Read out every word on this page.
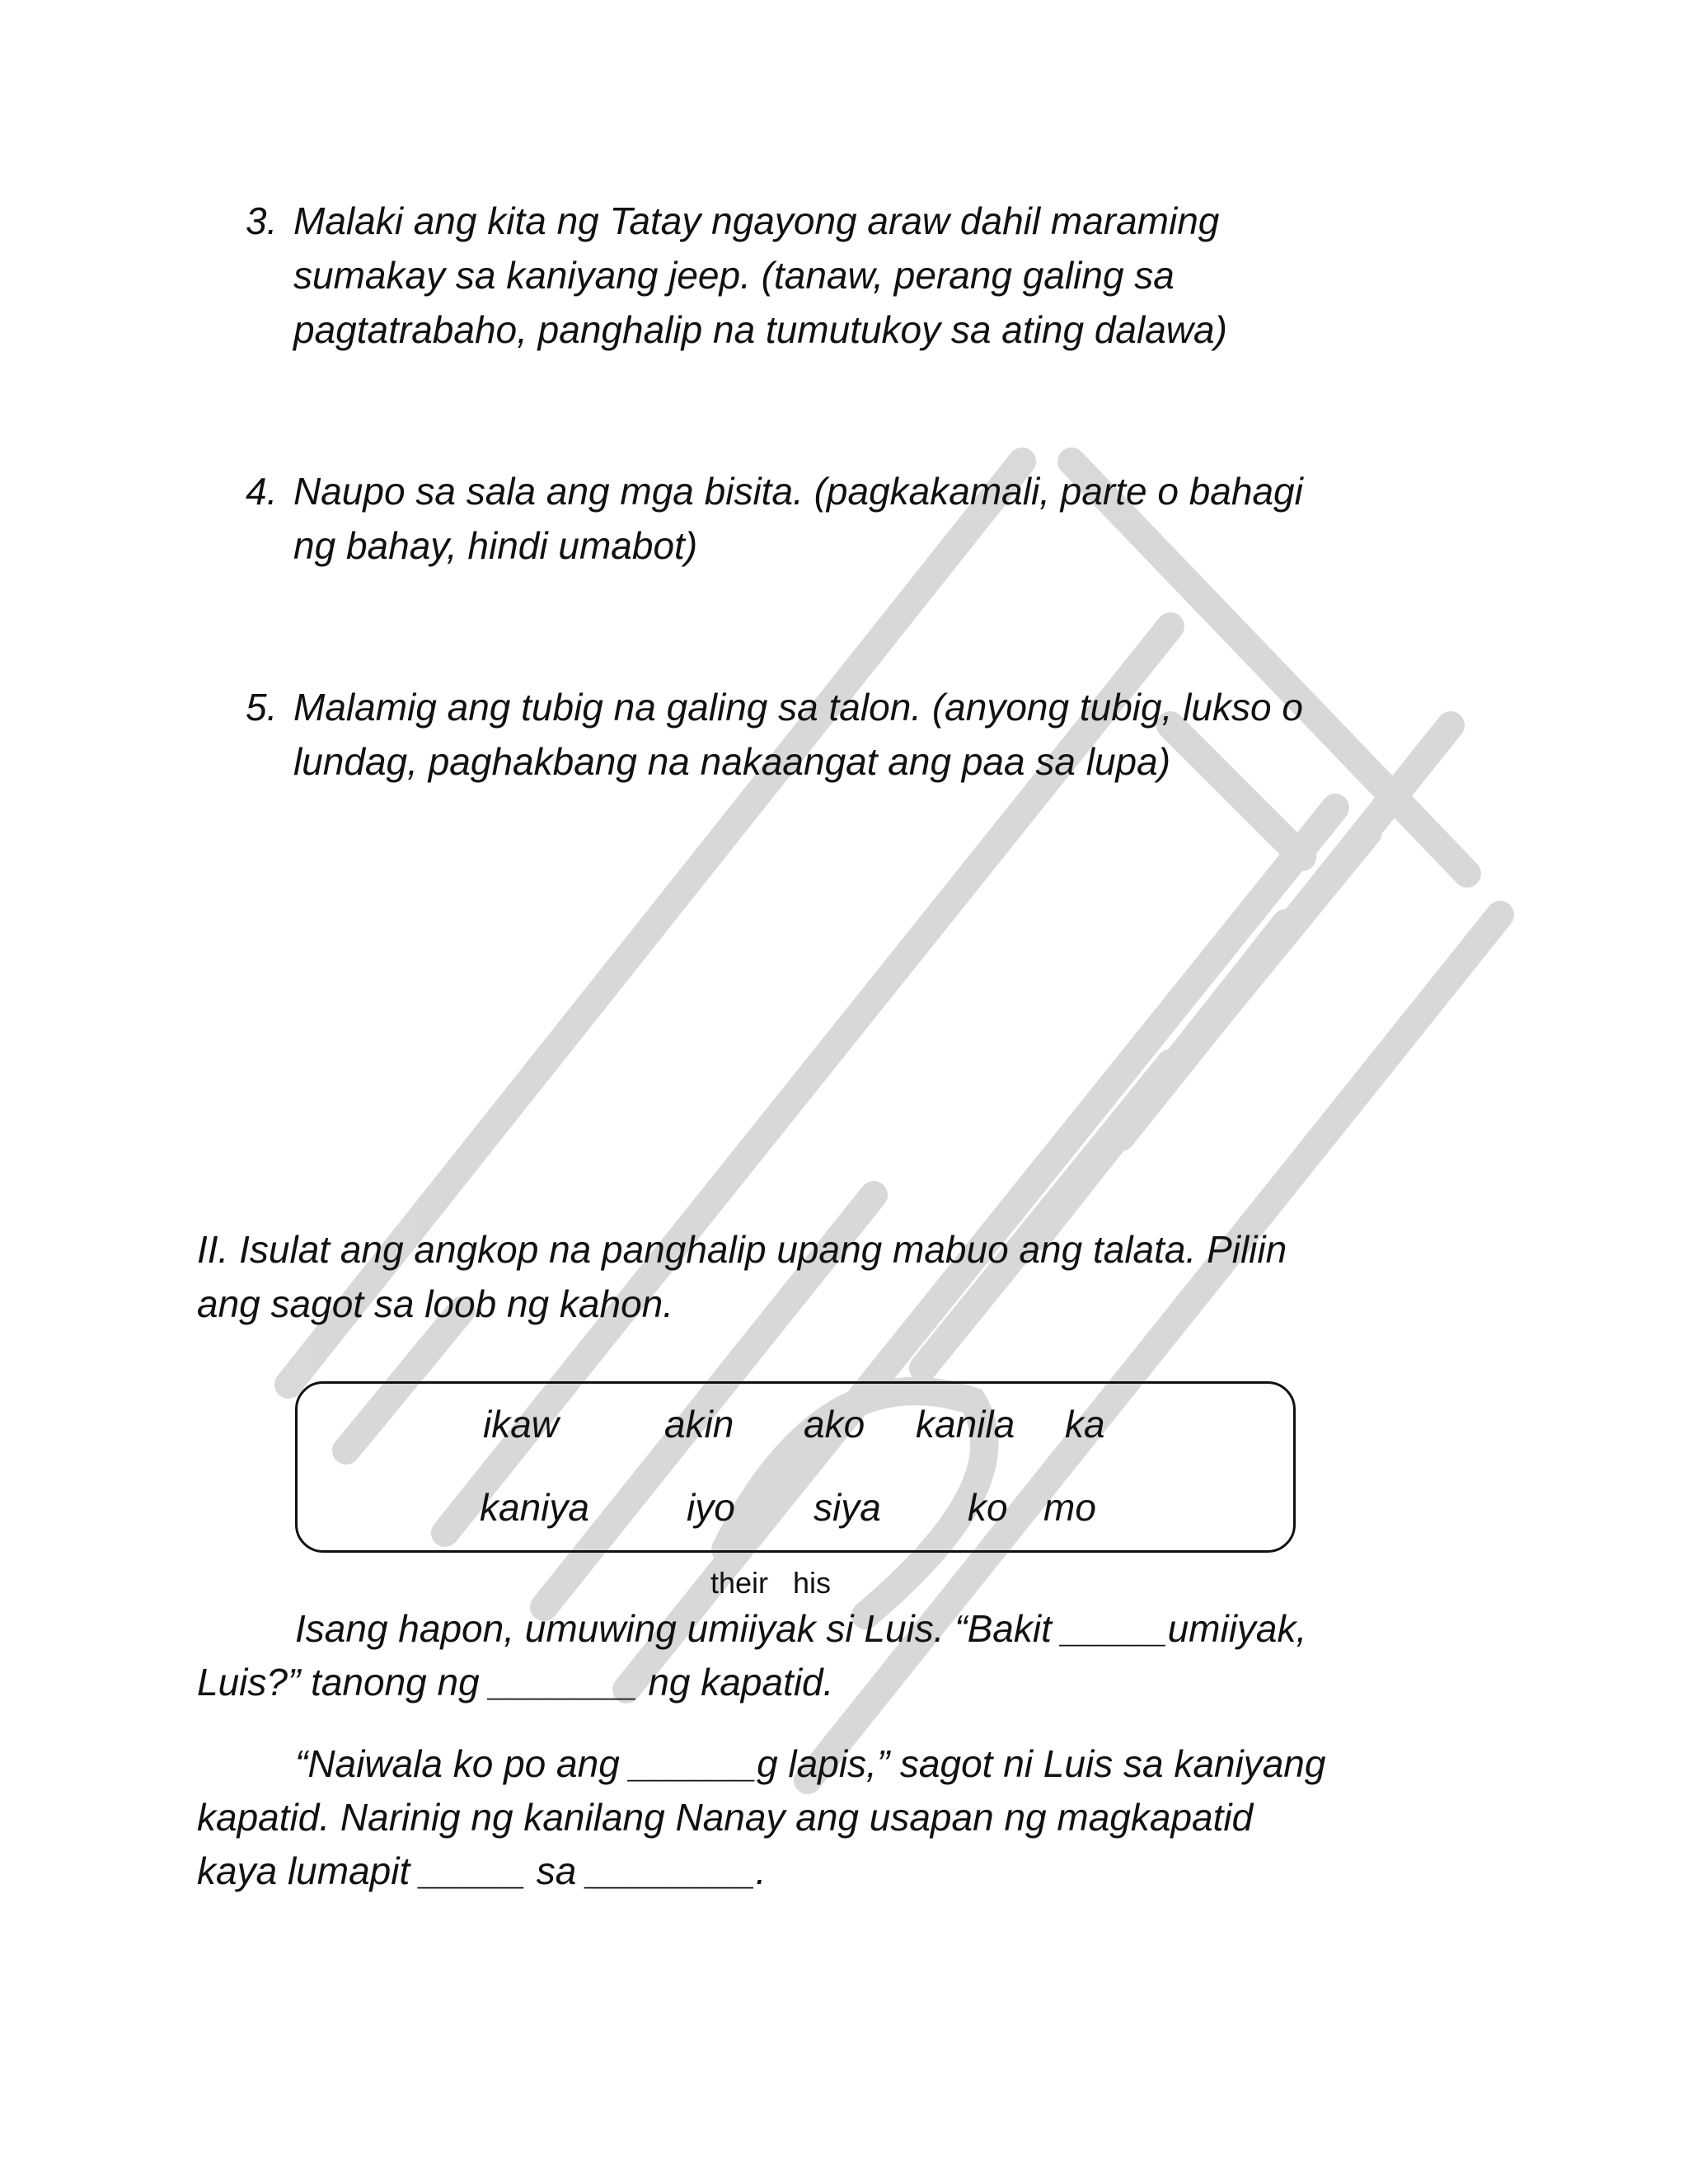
3. Malaki ang kita ng Tatay ngayong araw dahil maraming
sumakay sa kaniyang jeep. (tanaw, perang galing sa
pagtatrabaho, panghalip na tumutukoy sa ating dalawa)
4. Naupo sa sala ang mga bisita. (pagkakamali, parte o bahagi
ng bahay, hindi umabot)
5. Malamig ang tubig na galing sa talon. (anyong tubig, lukso o
lundag, paghakbang na nakaangat ang paa sa lupa)
II. Isulat ang angkop na panghalip upang mabuo ang talata. Piliin
ang sagot sa loob ng kahon.
ikaw	akin ako kanila ka
kaniya	iyo siya ko mo
their   his
Isang hapon, umuwing umiiyak si Luis. “Bakit _____umiiyak,
Luis?” tanong ng _______ ng kapatid.
“Naiwala ko po ang ______g lapis,” sagot ni Luis sa kaniyang
kapatid. Narinig ng kanilang Nanay ang usapan ng magkapatid
kaya lumapit _____ sa ________.
